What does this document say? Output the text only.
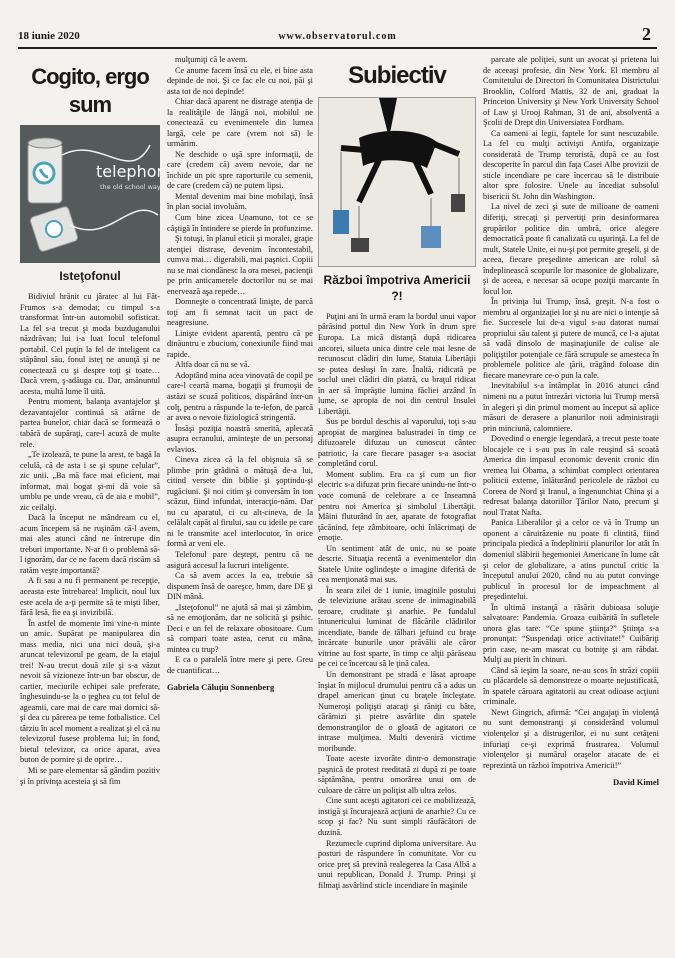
18 iunie 2020	www.observatorul.com	2
Cogito, ergo sum
telephone
the old school way
Isteţofonul

Bidiviul hrănit cu jăratec al lui Făt-Frumos s-a demodat; cu timpul s-a transformat într-un automobil sofisticat. La fel s-a trecut şi moda buzduganului năzdrăvan; lui i-a luat locul telefonul portabil. Cel puţin la fel de inteligent ca stăpânul său, fonul isteţ ne anunţă şi ne conectează cu şi despre toţi şi toate… Dacă vrem, ş-adăuga cu. Dar, amănuntul acesta, multă lume îl uită.

Pentru moment, balanţa avantajelor şi dezavantajelor continuă să atârne de partea bunelor, chiar dacă se formează o tabără de supăraţi, care-l acuză de multe rele.

„Te izolează, te pune la arest, te bagă la celulă, că de asta i se şi spune celular”, zic unii. „Ba mă face mai eficient, mai informat, mai bogat şi-mi dă voie să umblu pe unde vreau, că de aia e mobil”, zic ceilalţi.

Dacă la început ne mândream cu el, acum începem să ne ruşinăm că-l avem, mai ales atunci când ne întrerupe din treburi importante. N-ar fi o problemă să-l ignorăm, dar ce ne facem dacă riscăm să ratăm veşte importantă?

A fi sau a nu fi permanent pe recepţie, aceasta este întrebarea! Implicit, noul lux este acela de a-ţi permite să te mişti liber, fără lesă, fie ea şi invizibilă.

În astfel de momente îmi vine-n minte un amic. Supărat pe manipularea din mass media, nici una nici două, şi-a aruncat televizorul pe geam, de la etajul trei! N-au trecut două zile şi s-a văzut nevoit să vizioneze într-un bar obscur, de cartier, meciurile echipei sale preferate, înghesuindu-se la o ţeghea cu tot felul de ageamii, care mai de care mai dornici să-şi dea cu părerea pe teme fotbalistice. Cel târziu în acel moment a realizat şi el că nu televizorul fusese problema lui; în fond, bietul televizor, ca orice aparat, avea buton de pornire şi de oprire…

Mi se pare elementar să gândim pozitiv şi în privinţa acesteia şi să fim

mulţumiţi că le avem.

Ce anume facem însă cu ele, ei bine asta depinde de noi. Şi ce fac ele cu noi, păi şi asta tot de noi depinde!

Chiar dacă aparent ne distrage atenţia de la realităţile de lângă noi, mobilul ne conectează cu evenimentele din lumea largă, cele pe care (vrem noi să) le urmărim.

Ne deschide o uşă spre informaţii, de care (credem că) avem nevoie, dar ne închide un pic spre raporturile cu semenii, de care (credem că) ne putem lipsi.

Mental devenim mai bine mobilaţi, însă în plan social involuăm.

Cum bine zicea Unamuno, tot ce se câştigă în întindere se pierde în profunzime.

Şi totuşi, în planul eticii şi moralei, graţie atenţiei distrase, devenim încontestabil, cumva mai… digerabili, mai paşnici. Copiii nu se mai ciondănesc la ora mesei, pacienţii pe prin anticamerele doctorilor nu se mai enervează aşa repede…

Domneşte o concentrată linişte, de parcă toţi am fi semnat tacit un pact de neagresiune.

Linişte evident aparentă, pentru că pe dinăuntru e zbucium, conexiunile fiind mai rapide.

Altfa doar că nu se vă.

Adoptând mina acea vinovată de copil pe care-l ceartă mama, bogaţii şi frumoşii de astăzi se scuză politicos, dispărând într-un colţ, pentru a răspunde la te-lefon, de parcă ar avea o nevoie fiziologică stringentă.

Însăşi poziţia noastră smerită, aplecată asupra ecranului, aminteşte de un personaj evlavios.

Cineva zicea că la fel obişnuia să se plimbe prin grădină o mătuşă de-a lui, citind versete din biblie şi şoptindu-şi rugăciuni. Şi noi citim şi conversăm în ton scăzut, fiind infundat, interacţio-năm. Dar nu cu aparatul, ci cu alt-cineva, de la celălalt capăt al firului, sau cu ideile pe care ni le transmite acel interlocutor, în orice formă ar veni ele.

Telefonul pare deştept, pentru că ne asigură accesul la lucruri inteligente.

Ca să avem acces la ea, trebuie să dispunem însă de oareşce, hmm, dare DE şi DIN mână.

„Isteţofonul” ne ajută să mai şi zâmbim, să ne emoţionăm, dar ne solicită şi psihic. Deci e un fel de relaxare obositoare. Cum să compari toate astea, cerut cu mâna, mintea cu trup?

E ca o paralelă între mere şi pere. Greu de cuantificat…

Gabriela Căluţiu Sonnenberg
Subiectiv
Război împotriva Americii ?!

Puţini ani în urmă eram la bordul unui vapor părăsind portul din New York în drum spre Europa. La mică distanţă după ridicarea ancorei, silueta unica dintre cele mai lesne de recunoscut clădiri din lume, Statuia Libertăţii se putea desluşi în zare. Înaltă, ridicată pe soclul unei clădiri din piatră, cu braţul ridicat în aer să împrăştie lumina făcliei arzând în lume, se apropia de noi din centrul Insulei Libertăţii.

Sus pe bordul deschis al vaporului, toţi s-au apropiat de marginea balustradei în timp ce difuzoarele difuzau un cunoscut cântec patriotic, la care fiecare pasager s-a asociat completând corul.

Moment sublim. Era ca şi cum un fior electric s-a difuzat prin fiecare unindu-ne într-o voce comună de celebrare a ce înseamnă pentru noi America şi simbolul Libertăţii. Mâini fluturând în aer, aparate de fotografiat ţăcănind, feţe zâmbitoare, ochi înlăcrimaţi de emoţie.

Un sentiment atât de unic, nu se poate descrie. Situaţia recentă a evenimentelor din Statele Unite oglindeşte o imagine diferită de cea menţionată mai sus.

În seara zilei de 1 iunie, imaginile postului de televiziune arătau scene de inimaginabilă teroare, cruditate şi anarhie. Pe fundalul întunericului luminat de flăcările clădirilor incendiate, bande de tâlhari jefuind cu braţe încărcate bunurile unor prăvălii ale căror vitrine au fost sparte, în timp ce alţii părăseau pe cei ce încercau să le ţină calea.

Un demonstrant pe stradă e lăsat aproape înşiat în mijlocul drumului pentru că a adus un drapel american ţinut cu braţele încleştate. Numeroşi poliţişti atacaţi şi răniţi cu bâte, cărămizi şi pietre asvârlite din spatele demonstranţilor de o gloată de agitatori ce intrase mulţimea. Multi deveniră victime moribunde.

Toate aceste izvorâte dintr-o demonstraţie paşnică de protest reeditată zi după zi pe toate săptămâna, pentru omorârea unui om de culoare de către un poliţist alb ultra zelos.

Cine sunt aceşti agitatori cei ce mobilizează, instigă şi încurajează acţiuni de anarhie? Cu ce scop şi fac? Nu sunt simpli răufăcători de duzină.

Rezumecle cuprind diploma universitare. Au posturi de răspundere în comunitate. Vor cu orice preţ să prevină realegerea la Casa Albă a unui republican, Donald J. Trump. Prinşi şi filmaţi asvârlind sticle incendiare în maşinile

parcate ale poliţiei, sunt un avocat şi prietena lui de aceeaşi profesie, din New York. El membru al Comitetului de Directori în Comunitatea Districtului Brooklin, Colford Mattis, 32 de ani, graduat la Princeton University şi New York University School of Law şi Urooj Rahman, 31 de ani, absolventă a Şcolii de Drept din Universiatea Fordham.

Ca oameni ai legii, faptele lor sunt nescuzabile. La fel cu mulţi activişti Antifa, organizaţie considerată de Trump teroristă, după ce au fost descoperite în parcul din faţa Casei Albe provizii de sticle incendiare pe care încercau să le distribuie altor spre folosire. Unele au încediat subsolul bisericii St. John din Washington.

La nivel de zeci şi sute de milioane de oameni diferiţi, strecaţi şi pervertiţi prin desinformarea grupărilor politice din umbră, orice alegere democratică poate fi canalizată cu uşurinţă. La fel de mult, Statele Unite, ei nu-şi pot permite greşeli, şi de aceea, fiecare preşedinte american are rolul să îndeplinească scopurile lor masonice de globalizare, şi de aceea, e necesar să ocupe poziţii marcante în locul lor.

În privinţa lui Trump, însă, greşit. N-a fost o membru al organizaţiei lor şi nu are nici o intenţie să fie. Succesele lui de-a vigul s-au datorat numai propriului său talent şi putere de muncă, ce l-a ajutat să vadă dinsolo de mașinaţiunile de culise ale poliţiştilor potenţiale ce fără scrupule se amesteca în problemele politice ale ţării, trăgând foloase din fiecare manevrare ce-o pun la cale.

Inevitabilul s-a întâmplat în 2016 atunci când nimeni nu a putut întrezări victoria lui Trump mersă în alegeri şi din primul moment au început să aplice măsuri de derasere a planurilor noii administraţii prin minciună, calomniere.

Dovedind o energie legendară, a trecut peste toate blocajele ce i s-au pus în cale reuşind să scoată America din impasul economic devenit cronic din vremea lui Obama, a schimbat complect orientarea politicii externe, înlăturând pericolele de război cu Coreea de Nord şi Iranul, a îngenunchiat China şi a redresat balanţa datoriilor Ţărilor Nato, precum şi noul Tratat Nafta.

Panica Liberalilor şi a celor ce vă în Trump un oponent a căruirăzenie nu poate fi clintită, fiind principala piedică a îndeplinirii planurilor lor atât în domeniul slăbirii hegemoniei Americane în lume cât şi celor de globalizare, a atins punctul critic la începutul anului 2020, când nu au putut convinge publicul în procesul lor de impeachment al preşedintelui.

În ultimă instanţă a răsărit dubioasa soluţie salvatoare: Pandemia. Groaza cuibărită în sufletele unora glas tare: “Ce spune ştiinţa?” Ştiinţa s-a pronunţat: “Suspendaţi orice activitate!” Cuibăriţi prin case, ne-am mascat cu botniţe şi am răbdat. Mulţi au pierit în chinuri.

Când să ieşim la soare, ne-au scos în străzi copiii cu plăcardele să demonstreze o moarte nejustificată, în spatele căroara agitatorii au creat odioase acţiuni criminale.

Newt Gingrich, afirmă: “Cei angajaţi în violenţă nu sunt demonstranţi şi considerând volumul violenţelor şi a distrugerilor, ei nu sunt cetăţeni infuriaţi ce-şi exprimă frustrarea. Volumul violenţelor şi numărul oraşelor atacate de ei reprezintă un război împotriva Americii!”

David Kimel
